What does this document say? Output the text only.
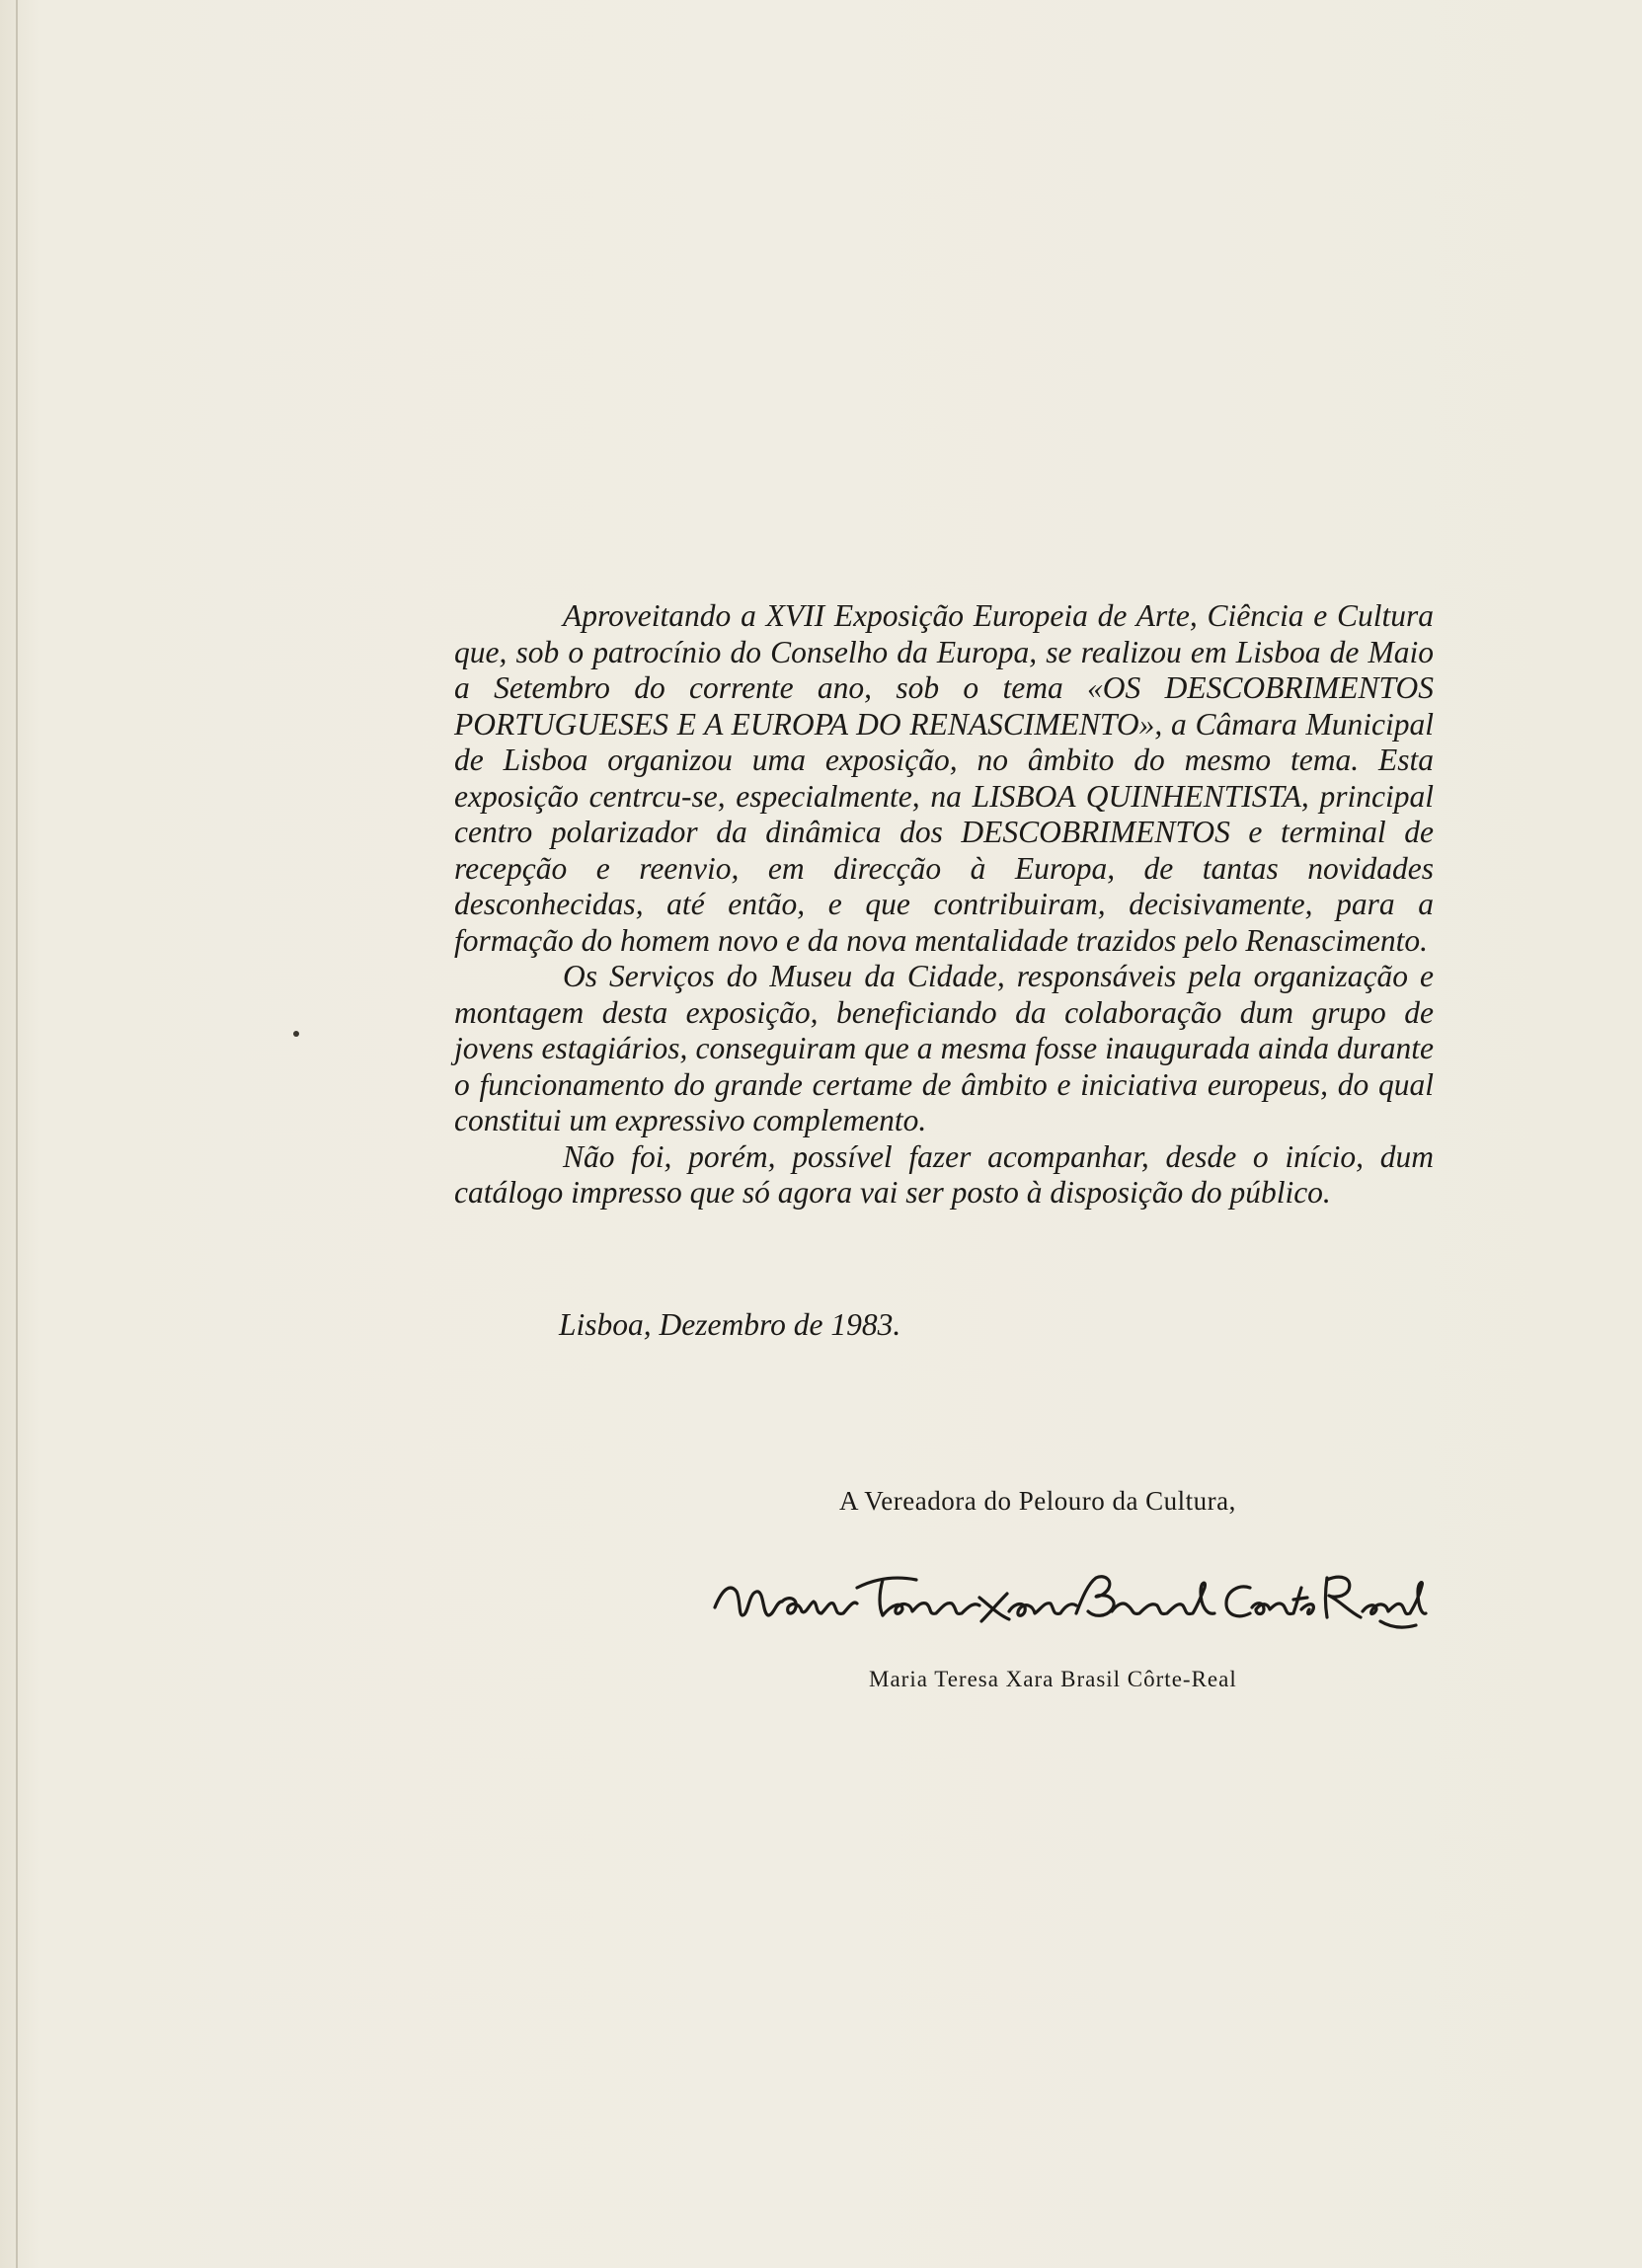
Aproveitando a XVII Exposição Europeia de Arte, Ciência e Cultura que, sob o patrocínio do Conselho da Europa, se realizou em Lisboa de Maio a Setembro do corrente ano, sob o tema «OS DESCOBRIMENTOS PORTUGUESES E A EUROPA DO RENASCIMENTO», a Câmara Municipal de Lisboa organizou uma exposição, no âmbito do mesmo tema. Esta exposição centrcu-se, especialmente, na LISBOA QUINHENTISTA, principal centro polarizador da dinâmica dos DESCOBRIMENTOS e terminal de recepção e reenvio, em direcção à Europa, de tantas novidades desconhecidas, até então, e que contribuiram, decisivamente, para a formação do homem novo e da nova mentalidade trazidos pelo Renascimento.

Os Serviços do Museu da Cidade, responsáveis pela organização e montagem desta exposição, beneficiando da colaboração dum grupo de jovens estagiários, conseguiram que a mesma fosse inaugurada ainda durante o funcionamento do grande certame de âmbito e iniciativa europeus, do qual constitui um expressivo complemento.

Não foi, porém, possível fazer acompanhar, desde o início, dum catálogo impresso que só agora vai ser posto à disposição do público.

Lisboa, Dezembro de 1983.
A Vereadora do Pelouro da Cultura,
Maria Teresa Xara Brasil Côrte-Real
